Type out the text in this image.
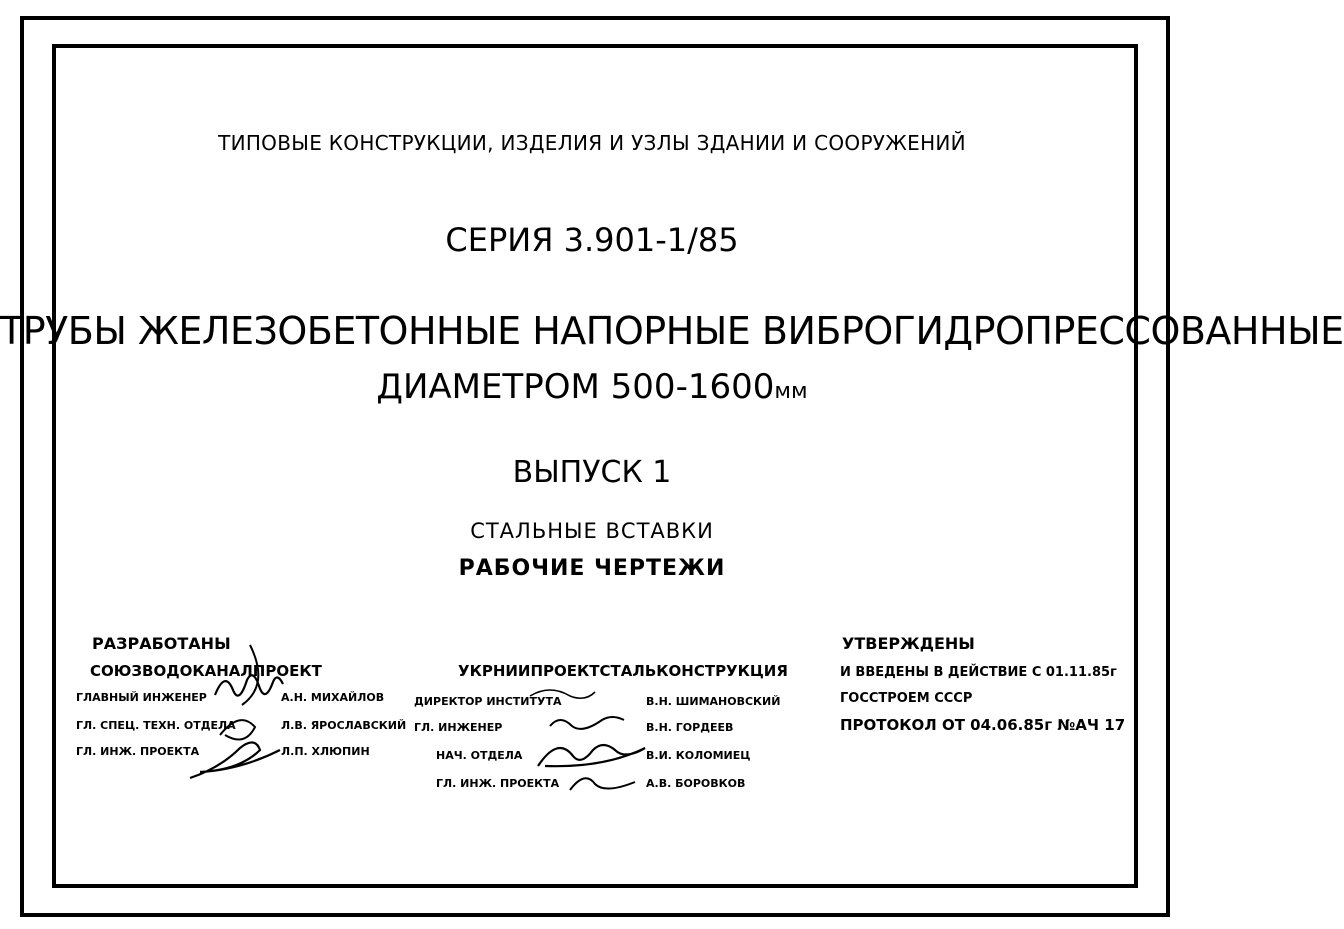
ТИПОВЫЕ КОНСТРУКЦИИ, ИЗДЕЛИЯ И УЗЛЫ ЗДАНИИ И СООРУЖЕНИЙ
СЕРИЯ 3.901-1/85
ТРУБЫ ЖЕЛЕЗОБЕТОННЫЕ НАПОРНЫЕ ВИБРОГИДРОПРЕССОВАННЫЕ
ДИАМЕТРОМ 500-1600мм
ВЫПУСК 1
СТАЛЬНЫЕ ВСТАВКИ
РАБОЧИЕ ЧЕРТЕЖИ
РАЗРАБОТАНЫ
СОЮЗВОДОКАНАЛПРОЕКТ
ГЛАВНЫЙ ИНЖЕНЕР	А.Н. МИХАЙЛОВ
ГЛ. СПЕЦ. ТЕХН. ОТДЕЛА	Л.В. ЯРОСЛАВСКИЙ
ГЛ. ИНЖ. ПРОЕКТА	Л.П. ХЛЮПИН
УКРНИИПРОЕКТСТАЛЬКОНСТРУКЦИЯ
ДИРЕКТОР ИНСТИТУТА	В.Н. ШИМАНОВСКИЙ
ГЛ. ИНЖЕНЕР	В.Н. ГОРДЕЕВ
НАЧ. ОТДЕЛА	В.И. КОЛОМИЕЦ
ГЛ. ИНЖ. ПРОЕКТА	А.В. БОРОВКОВ
УТВЕРЖДЕНЫ
И ВВЕДЕНЫ В ДЕЙСТВИЕ С 01.11.85г
ГОССТРОЕМ СССР
ПРОТОКОЛ ОТ 04.06.85г №АЧ 17
